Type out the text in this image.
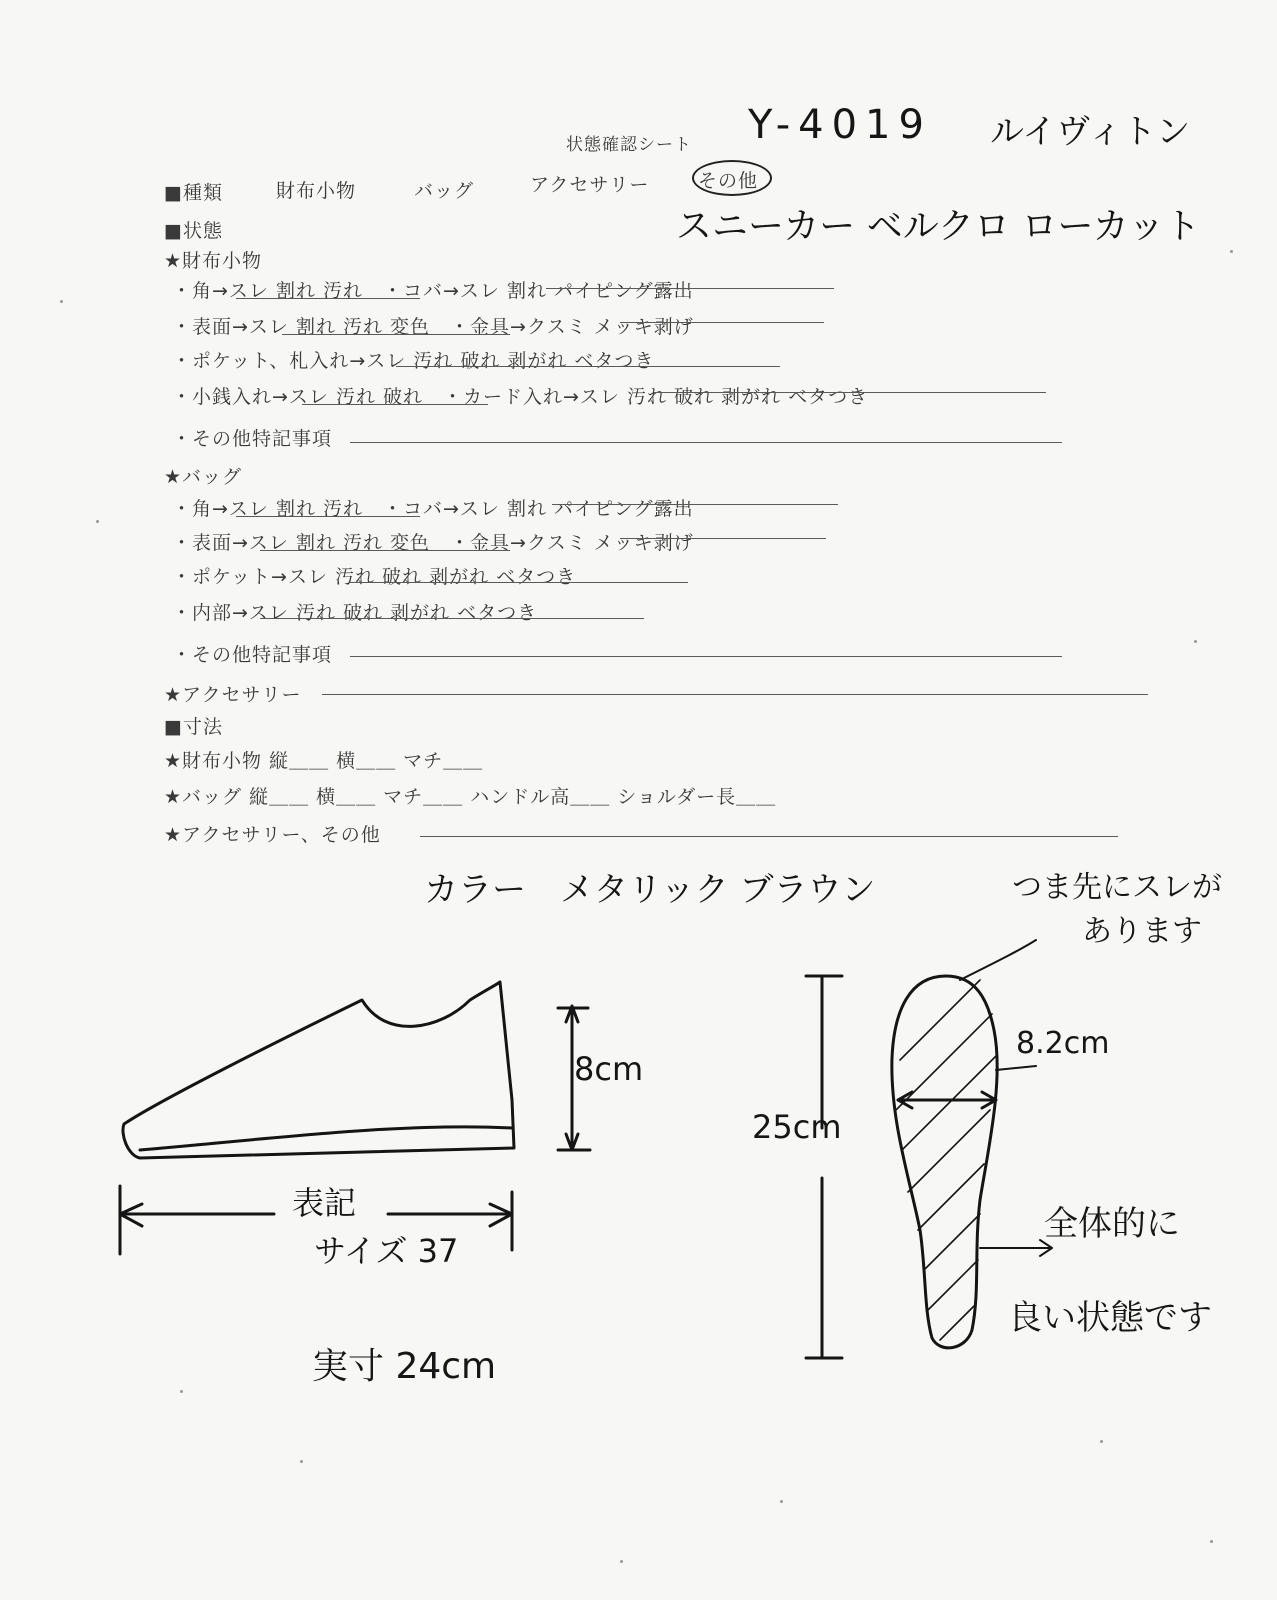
状態確認シート Y-4019 ルイヴィトン
■種類	財布小物	バッグ	アクセサリー	その他
■状態	スニーカー ベルクロ ローカット
★財布小物
・角→スレ 割れ 汚れ　・コバ→スレ 割れ パイピング露出
・表面→スレ 割れ 汚れ 変色　・金具→クスミ メッキ剥げ
・ポケット、札入れ→スレ 汚れ 破れ 剥がれ ベタつき
・小銭入れ→スレ 汚れ 破れ　・カード入れ→スレ 汚れ 破れ 剥がれ ベタつき
・その他特記事項
★バッグ
・角→スレ 割れ 汚れ　・コバ→スレ 割れ パイピング露出
・表面→スレ 割れ 汚れ 変色　・金具→クスミ メッキ剥げ
・ポケット→スレ 汚れ 破れ 剥がれ ベタつき
・内部→スレ 汚れ 破れ 剥がれ ベタつき
・その他特記事項
★アクセサリー
■寸法
★財布小物 縦＿＿ 横＿＿ マチ＿＿
★バッグ 縦＿＿ 横＿＿ マチ＿＿ ハンドル高＿＿ ショルダー長＿＿
★アクセサリー、その他
カラー　メタリック ブラウン	つま先にスレが
あります
8cm
8.2cm
25cm
表記
サイズ 37
実寸 24cm
全体的に
良い状態です
